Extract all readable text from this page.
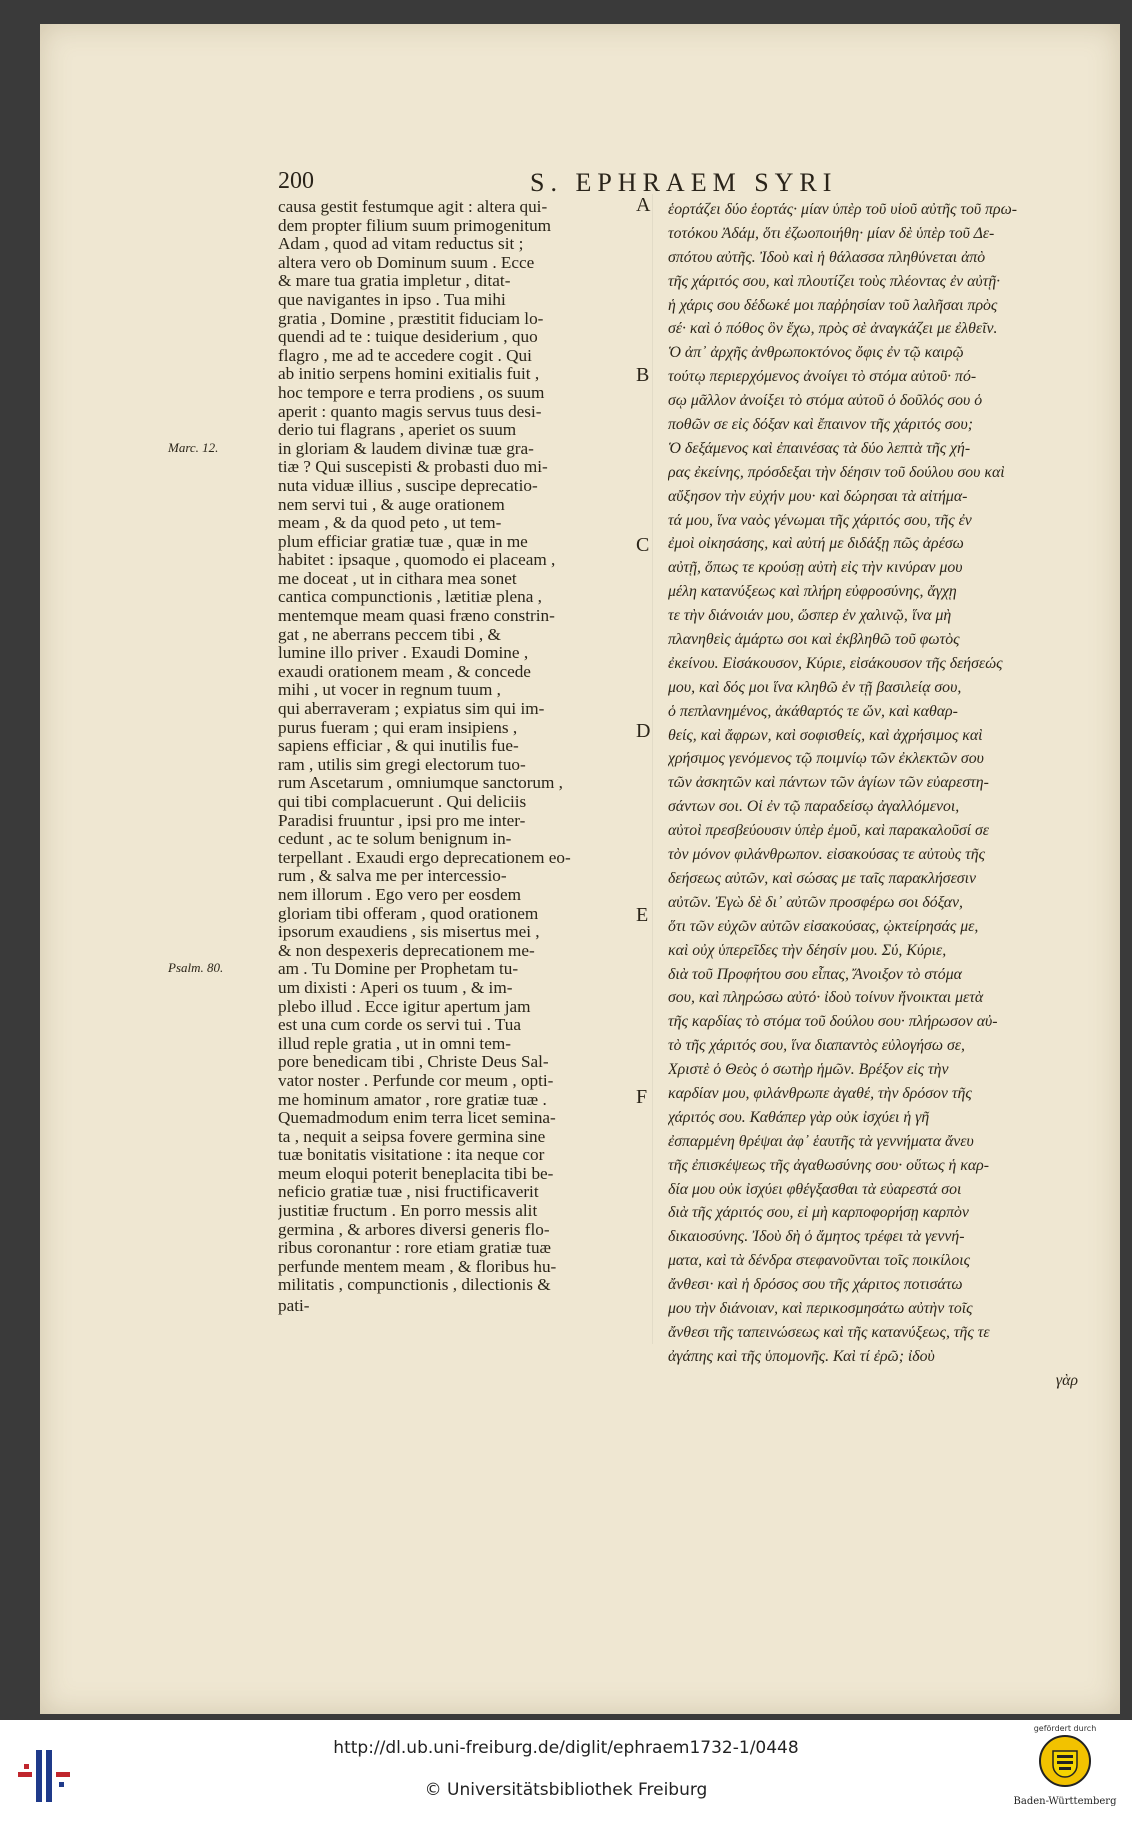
200	S. EPHRAEM SYRI
causa gestit festumque agit : altera qui-
dem propter filium suum primogenitum
Adam , quod ad vitam reductus sit ;
altera vero ob Dominum suum . Ecce
& mare tua gratia impletur , ditat-
que navigantes in ipso . Tua mihi
gratia , Domine , præstitit fiduciam lo-
quendi ad te : tuique desiderium , quo
flagro , me ad te accedere cogit . Qui
ab initio serpens homini exitialis fuit ,
hoc tempore e terra prodiens , os suum
aperit : quanto magis servus tuus desi-
derio tui flagrans , aperiet os suum
in gloriam & laudem divinæ tuæ gra-
tiæ ? Qui suscepisti & probasti duo mi-
nuta viduæ illius , suscipe deprecatio-
nem servi tui , & auge orationem
meam , & da quod peto , ut tem-
plum efficiar gratiæ tuæ , quæ in me
habitet : ipsaque , quomodo ei placeam ,
me doceat , ut in cithara mea sonet
cantica compunctionis , lætitiæ plena ,
mentemque meam quasi fræno constrin-
gat , ne aberrans peccem tibi , &
lumine illo priver . Exaudi Domine ,
exaudi orationem meam , & concede
mihi , ut vocer in regnum tuum ,
qui aberraveram ; expiatus sim qui im-
purus fueram ; qui eram insipiens ,
sapiens efficiar , & qui inutilis fue-
ram , utilis sim gregi electorum tuo-
rum Ascetarum , omniumque sanctorum ,
qui tibi complacuerunt . Qui deliciis
Paradisi fruuntur , ipsi pro me inter-
cedunt , ac te solum benignum in-
terpellant . Exaudi ergo deprecationem eo-
rum , & salva me per intercessio-
nem illorum . Ego vero per eosdem
gloriam tibi offeram , quod orationem
ipsorum exaudiens , sis misertus mei ,
& non despexeris deprecationem me-
am . Tu Domine per Prophetam tu-
um dixisti : Aperi os tuum , & im-
plebo illud . Ecce igitur apertum jam
est una cum corde os servi tui . Tua
illud reple gratia , ut in omni tem-
pore benedicam tibi , Christe Deus Sal-
vator noster . Perfunde cor meum , opti-
me hominum amator , rore gratiæ tuæ .
Quemadmodum enim terra licet semina-
ta , nequit a seipsa fovere germina sine
tuæ bonitatis visitatione : ita neque cor
meum eloqui poterit beneplacita tibi be-
neficio gratiæ tuæ , nisi fructificaverit
justitiæ fructum . En porro messis alit
germina , & arbores diversi generis flo-
ribus coronantur : rore etiam gratiæ tuæ
perfunde mentem meam , & floribus hu-
militatis , compunctionis , dilectionis &
pati-
ἑορτάζει δύο ἑορτάς· μίαν ὑπὲρ τοῦ υἱοῦ αὐτῆς τοῦ πρω-
τοτόκου Ἀδάμ, ὅτι ἐζωοποιήθη· μίαν δὲ ὑπὲρ τοῦ Δε-
σπότου αὐτῆς. Ἰδοὺ καὶ ἡ θάλασσα πληθύνεται ἀπὸ
τῆς χάριτός σου, καὶ πλουτίζει τοὺς πλέοντας ἐν αὐτῇ·
ἡ χάρις σου δέδωκέ μοι παῤῥησίαν τοῦ λαλῆσαι πρὸς
σέ· καὶ ὁ πόθος ὃν ἔχω, πρὸς σὲ ἀναγκάζει με ἐλθεῖν.
Ὁ ἀπ᾽ ἀρχῆς ἀνθρωποκτόνος ὄφις ἐν τῷ καιρῷ
τούτῳ περιερχόμενος ἀνοίγει τὸ στόμα αὐτοῦ· πό-
σῳ μᾶλλον ἀνοίξει τὸ στόμα αὐτοῦ ὁ δοῦλός σου ὁ
ποθῶν σε εἰς δόξαν καὶ ἔπαινον τῆς χάριτός σου;
Ὁ δεξάμενος καὶ ἐπαινέσας τὰ δύο λεπτὰ τῆς χή-
ρας ἐκείνης, πρόσδεξαι τὴν δέησιν τοῦ δούλου σου καὶ
αὔξησον τὴν εὐχήν μου· καὶ δώρησαι τὰ αἰτήμα-
τά μου, ἵνα ναὸς γένωμαι τῆς χάριτός σου, τῆς ἐν
ἐμοὶ οἰκησάσης, καὶ αὐτή με διδάξῃ πῶς ἀρέσω
αὐτῇ, ὅπως τε κρούσῃ αὐτὴ εἰς τὴν κινύραν μου
μέλη κατανύξεως καὶ πλήρη εὐφροσύνης, ἄγχῃ
τε τὴν διάνοιάν μου, ὥσπερ ἐν χαλινῷ, ἵνα μὴ
πλανηθεὶς ἁμάρτω σοι καὶ ἐκβληθῶ τοῦ φωτὸς
ἐκείνου. Εἰσάκουσον, Κύριε, εἰσάκουσον τῆς δεήσεώς
μου, καὶ δός μοι ἵνα κληθῶ ἐν τῇ βασιλείᾳ σου,
ὁ πεπλανημένος, ἀκάθαρτός τε ὤν, καὶ καθαρ-
θείς, καὶ ἄφρων, καὶ σοφισθείς, καὶ ἀχρήσιμος καὶ
χρήσιμος γενόμενος τῷ ποιμνίῳ τῶν ἐκλεκτῶν σου
τῶν ἀσκητῶν καὶ πάντων τῶν ἁγίων τῶν εὐαρεστη-
σάντων σοι. Οἱ ἐν τῷ παραδείσῳ ἀγαλλόμενοι,
αὐτοὶ πρεσβεύουσιν ὑπὲρ ἐμοῦ, καὶ παρακαλοῦσί σε
τὸν μόνον φιλάνθρωπον. εἰσακούσας τε αὐτοὺς τῆς
δεήσεως αὐτῶν, καὶ σώσας με ταῖς παρακλήσεσιν
αὐτῶν. Ἐγὼ δὲ δι᾽ αὐτῶν προσφέρω σοι δόξαν,
ὅτι τῶν εὐχῶν αὐτῶν εἰσακούσας, ᾠκτείρησάς με,
καὶ οὐχ ὑπερεῖδες τὴν δέησίν μου. Σύ, Κύριε,
διὰ τοῦ Προφήτου σου εἶπας, Ἄνοιξον τὸ στόμα
σου, καὶ πληρώσω αὐτό· ἰδοὺ τοίνυν ἤνοικται μετὰ
τῆς καρδίας τὸ στόμα τοῦ δούλου σου· πλήρωσον αὐ-
τὸ τῆς χάριτός σου, ἵνα διαπαντὸς εὐλογήσω σε,
Χριστὲ ὁ Θεὸς ὁ σωτὴρ ἡμῶν. Βρέξον εἰς τὴν
καρδίαν μου, φιλάνθρωπε ἀγαθέ, τὴν δρόσον τῆς
χάριτός σου. Καθάπερ γὰρ οὐκ ἰσχύει ἡ γῆ
ἐσπαρμένη θρέψαι ἀφ᾽ ἑαυτῆς τὰ γεννήματα ἄνευ
τῆς ἐπισκέψεως τῆς ἀγαθωσύνης σου· οὕτως ἡ καρ-
δία μου οὐκ ἰσχύει φθέγξασθαι τὰ εὐαρεστά σοι
διὰ τῆς χάριτός σου, εἰ μὴ καρποφορήσῃ καρπὸν
δικαιοσύνης. Ἰδοὺ δὴ ὁ ἄμητος τρέφει τὰ γεννή-
ματα, καὶ τὰ δένδρα στεφανοῦνται τοῖς ποικίλοις
ἄνθεσι· καὶ ἡ δρόσος σου τῆς χάριτος ποτισάτω
μου τὴν διάνοιαν, καὶ περικοσμησάτω αὐτὴν τοῖς
ἄνθεσι τῆς ταπεινώσεως καὶ τῆς κατανύξεως, τῆς τε
ἀγάπης καὶ τῆς ὑπομονῆς. Καὶ τί ἐρῶ; ἰδοὺ
γὰρ
Marc. 12.
Psalm. 80.
A
B
C
D
E
F
http://dl.ub.uni-freiburg.de/diglit/ephraem1732-1/0448
© Universitätsbibliothek Freiburg
gefördert durch
Baden-Württemberg
